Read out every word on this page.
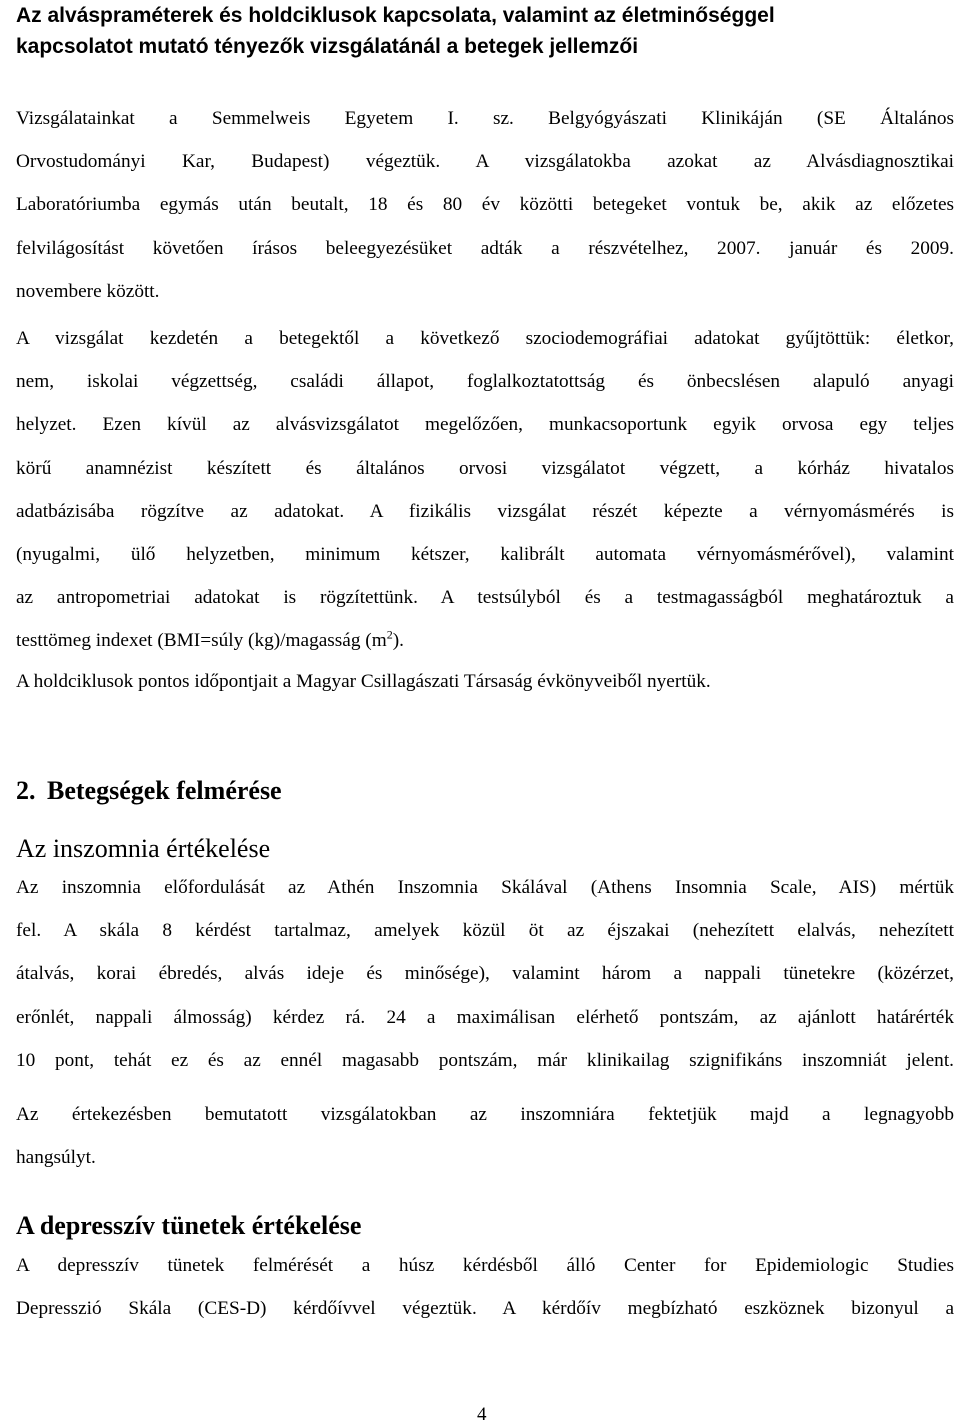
Az alváspraméterek és holdciklusok kapcsolata, valamint az életminőséggel
kapcsolatot mutató tényezők vizsgálatánál a betegek jellemzői

Vizsgálatainkat a Semmelweis Egyetem I. sz. Belgyógyászati Klinikáján (SE Általános
Orvostudományi Kar, Budapest) végeztük. A vizsgálatokba azokat az Alvásdiagnosztikai
Laboratóriumba egymás után beutalt, 18 és 80 év közötti betegeket vontuk be, akik az előzetes
felvilágosítást követően írásos beleegyezésüket adták a részvételhez, 2007. január és 2009.
novembere között.

A vizsgálat kezdetén a betegektől a következő szociodemográfiai adatokat gyűjtöttük: életkor,
nem, iskolai végzettség, családi állapot, foglalkoztatottság és önbecslésen alapuló anyagi
helyzet. Ezen kívül az alvásvizsgálatot megelőzően, munkacsoportunk egyik orvosa egy teljes
körű anamnézist készített és általános orvosi vizsgálatot végzett, a kórház hivatalos
adatbázisába rögzítve az adatokat. A fizikális vizsgálat részét képezte a vérnyomásmérés is
(nyugalmi, ülő helyzetben, minimum kétszer, kalibrált automata vérnyomásmérővel), valamint
az antropometriai adatokat is rögzítettünk. A testsúlyból és a testmagasságból meghatároztuk a
testtömeg indexet (BMI=súly (kg)/magasság $(m^2)$.

A holdciklusok pontos időpontjait a Magyar Csillagászati Társaság évkönyveiből nyertük.

2. Betegségek felmérése
Az inszomnia értékelése

Az inszomnia előfordulását az Athén Inszomnia Skálával (Athens Insomnia Scale, AIS) mértük
fel. A skála 8 kérdést tartalmaz, amelyek közül öt az éjszakai (nehezített elalvás, nehezített
átalvás, korai ébredés, alvás ideje és minősége), valamint három a nappali tünetekre (közérzet,
erőnlét, nappali álmosság) kérdez rá. 24 a maximálisan elérhető pontszám, az ajánlott határérték
10 pont, tehát ez és az ennél magasabb pontszám, már klinikailag szignifikáns inszomniát jelent.

Az értekezésben bemutatott vizsgálatokban az inszomniára fektetjük majd a legnagyobb
hangsúlyt.

A depresszív tünetek értékelése

A depresszív tünetek felmérését a húsz kérdésből álló Center for Epidemiologic Studies
Depresszió Skála (CES-D) kérdőívvel végeztük. A kérdőív megbízható eszköznek bizonyul a

4
